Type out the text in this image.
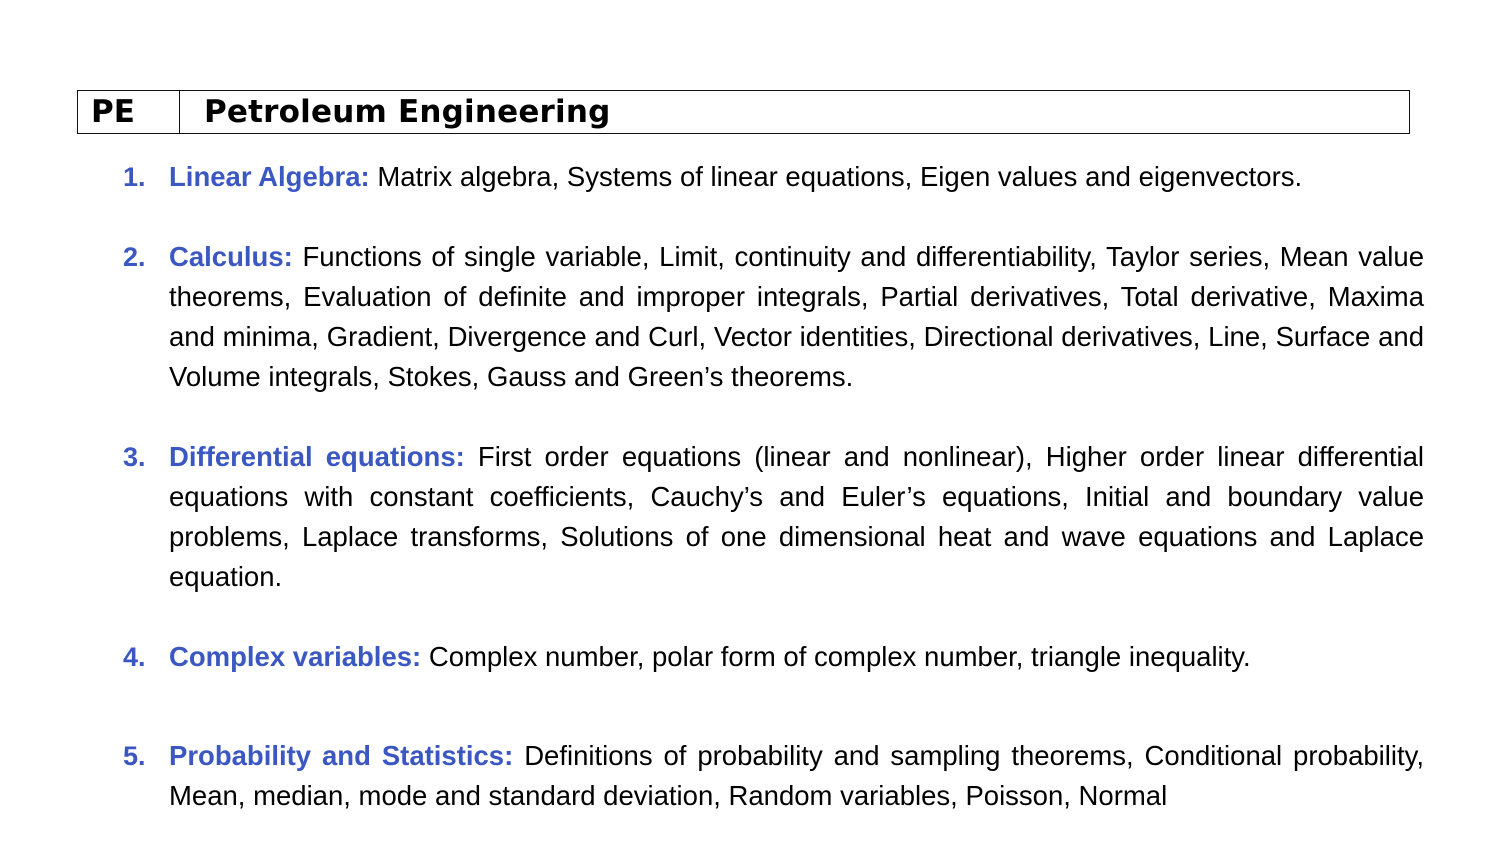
PE	Petroleum Engineering
1. Linear Algebra: Matrix algebra, Systems of linear equations, Eigen values and eigenvectors.
2. Calculus: Functions of single variable, Limit, continuity and differentiability, Taylor series, Mean value theorems, Evaluation of definite and improper integrals, Partial derivatives, Total derivative, Maxima and minima, Gradient, Divergence and Curl, Vector identities, Directional derivatives, Line, Surface and Volume integrals, Stokes, Gauss and Green’s theorems.
3. Differential equations: First order equations (linear and nonlinear), Higher order linear differential equations with constant coefficients, Cauchy’s and Euler’s equations, Initial and boundary value problems, Laplace transforms, Solutions of one dimensional heat and wave equations and Laplace equation.
4. Complex variables: Complex number, polar form of complex number, triangle inequality.
5. Probability and Statistics: Definitions of probability and sampling theorems, Conditional probability, Mean, median, mode and standard deviation, Random variables, Poisson, Normal
